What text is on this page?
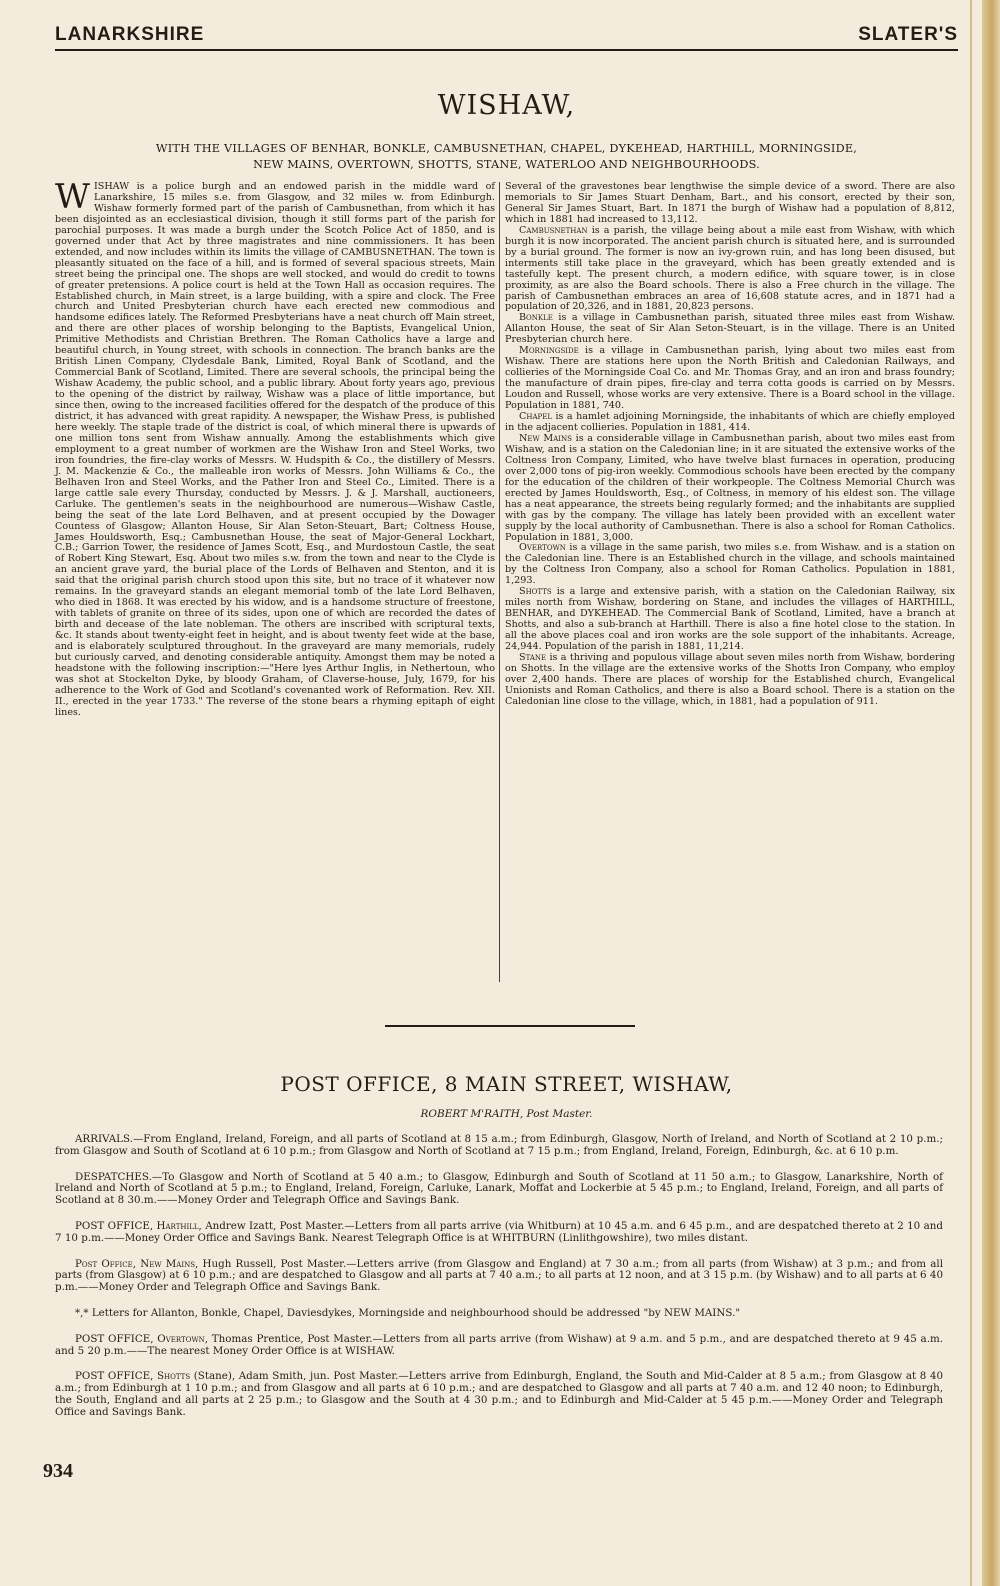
LANARKSHIRE	SLATER'S
WISHAW,
WITH THE VILLAGES OF BENHAR, BONKLE, CAMBUSNETHAN, CHAPEL, DYKEHEAD, HARTHILL, MORNINGSIDE,
NEW MAINS, OVERTOWN, SHOTTS, STANE, WATERLOO AND NEIGHBOURHOODS.
WISHAW is a police burgh and an endowed parish in the middle ward of Lanarkshire, 15 miles s.e. from Glasgow, and 32 miles w. from Edinburgh. Wishaw formerly formed part of the parish of Cambusnethan, from which it has been disjointed as an ecclesiastical division, though it still forms part of the parish for parochial purposes. It was made a burgh under the Scotch Police Act of 1850, and is governed under that Act by three magistrates and nine commissioners. It has been extended, and now includes within its limits the village of CAMBUSNETHAN. The town is pleasantly situated on the face of a hill, and is formed of several spacious streets, Main street being the principal one. The shops are well stocked, and would do credit to towns of greater pretensions. A police court is held at the Town Hall as occasion requires. The Established church, in Main street, is a large building, with a spire and clock. The Free church and United Presbyterian church have each erected new commodious and handsome edifices lately. The Reformed Presbyterians have a neat church off Main street, and there are other places of worship belonging to the Baptists, Evangelical Union, Primitive Methodists and Christian Brethren. The Roman Catholics have a large and beautiful church, in Young street, with schools in connection. The branch banks are the British Linen Company, Clydesdale Bank, Limited, Royal Bank of Scotland, and the Commercial Bank of Scotland, Limited. There are several schools, the principal being the Wishaw Academy, the public school, and a public library. About forty years ago, previous to the opening of the district by railway, Wishaw was a place of little importance, but since then, owing to the increased facilities offered for the despatch of the produce of this district, it has advanced with great rapidity. A newspaper, the Wishaw Press, is published here weekly. The staple trade of the district is coal, of which mineral there is upwards of one million tons sent from Wishaw annually. Among the establishments which give employment to a great number of workmen are the Wishaw Iron and Steel Works, two iron foundries, the fire-clay works of Messrs. W. Hudspith & Co., the distillery of Messrs. J. M. Mackenzie & Co., the malleable iron works of Messrs. John Williams & Co., the Belhaven Iron and Steel Works, and the Pather Iron and Steel Co., Limited. There is a large cattle sale every Thursday, conducted by Messrs. J. & J. Marshall, auctioneers, Carluke. The gentlemen's seats in the neighbourhood are numerous—Wishaw Castle, being the seat of the late Lord Belhaven, and at present occupied by the Dowager Countess of Glasgow; Allanton House, Sir Alan Seton-Steuart, Bart; Coltness House, James Houldsworth, Esq.; Cambusnethan House, the seat of Major-General Lockhart, C.B.; Garrion Tower, the residence of James Scott, Esq., and Murdostoun Castle, the seat of Robert King Stewart, Esq. About two miles s.w. from the town and near to the Clyde is an ancient grave yard, the burial place of the Lords of Belhaven and Stenton, and it is said that the original parish church stood upon this site, but no trace of it whatever now remains. In the graveyard stands an elegant memorial tomb of the late Lord Belhaven, who died in 1868. It was erected by his widow, and is a handsome structure of freestone, with tablets of granite on three of its sides, upon one of which are recorded the dates of birth and decease of the late nobleman. The others are inscribed with scriptural texts, &c. It stands about twenty-eight feet in height, and is about twenty feet wide at the base, and is elaborately sculptured throughout. In the graveyard are many memorials, rudely but curiously carved, and denoting considerable antiquity. Amongst them may be noted a headstone with the following inscription:—"Here lyes Arthur Inglis, in Nethertoun, who was shot at Stockelton Dyke, by bloody Graham, of Claverse-house, July, 1679, for his adherence to the Work of God and Scotland's covenanted work of Reformation. Rev. XII. II., erected in the year 1733." The reverse of the stone bears a rhyming epitaph of eight lines.

Several of the gravestones bear lengthwise the simple device of a sword. There are also memorials to Sir James Stuart Denham, Bart., and his consort, erected by their son, General Sir James Stuart, Bart. In 1871 the burgh of Wishaw had a population of 8,812, which in 1881 had increased to 13,112.

Cambusnethan is a parish, the village being about a mile east from Wishaw, with which burgh it is now incorporated. The ancient parish church is situated here, and is surrounded by a burial ground. The former is now an ivy-grown ruin, and has long been disused, but interments still take place in the graveyard, which has been greatly extended and is tastefully kept. The present church, a modern edifice, with square tower, is in close proximity, as are also the Board schools. There is also a Free church in the village. The parish of Cambusnethan embraces an area of 16,608 statute acres, and in 1871 had a population of 20,326, and in 1881, 20,823 persons.

Bonkle is a village in Cambusnethan parish, situated three miles east from Wishaw. Allanton House, the seat of Sir Alan Seton-Steuart, is in the village. There is an United Presbyterian church here.

Morningside is a village in Cambusnethan parish, lying about two miles east from Wishaw. There are stations here upon the North British and Caledonian Railways, and collieries of the Morningside Coal Co. and Mr. Thomas Gray, and an iron and brass foundry; the manufacture of drain pipes, fire-clay and terra cotta goods is carried on by Messrs. Loudon and Russell, whose works are very extensive. There is a Board school in the village. Population in 1881, 740.

Chapel is a hamlet adjoining Morningside, the inhabitants of which are chiefly employed in the adjacent collieries. Population in 1881, 414.

New Mains is a considerable village in Cambusnethan parish, about two miles east from Wishaw, and is a station on the Caledonian line; in it are situated the extensive works of the Coltness Iron Company, Limited, who have twelve blast furnaces in operation, producing over 2,000 tons of pig-iron weekly. Commodious schools have been erected by the company for the education of the children of their workpeople. The Coltness Memorial Church was erected by James Houldsworth, Esq., of Coltness, in memory of his eldest son. The village has a neat appearance, the streets being regularly formed; and the inhabitants are supplied with gas by the company. The village has lately been provided with an excellent water supply by the local authority of Cambusnethan. There is also a school for Roman Catholics. Population in 1881, 3,000.

Overtown is a village in the same parish, two miles s.e. from Wishaw. and is a station on the Caledonian line. There is an Established church in the village, and schools maintained by the Coltness Iron Company, also a school for Roman Catholics. Population in 1881, 1,293.

Shotts is a large and extensive parish, with a station on the Caledonian Railway, six miles north from Wishaw, bordering on Stane, and includes the villages of HARTHILL, BENHAR, and DYKEHEAD. The Commercial Bank of Scotland, Limited, have a branch at Shotts, and also a sub-branch at Harthill. There is also a fine hotel close to the station. In all the above places coal and iron works are the sole support of the inhabitants. Acreage, 24,944. Population of the parish in 1881, 11,214.

Stane is a thriving and populous village about seven miles north from Wishaw, bordering on Shotts. In the village are the extensive works of the Shotts Iron Company, who employ over 2,400 hands. There are places of worship for the Established church, Evangelical Unionists and Roman Catholics, and there is also a Board school. There is a station on the Caledonian line close to the village, which, in 1881, had a population of 911.

POST OFFICE, 8 MAIN STREET, WISHAW,
ROBERT M'RAITH, Post Master.

ARRIVALS.—From England, Ireland, Foreign, and all parts of Scotland at 8 15 a.m.; from Edinburgh, Glasgow, North of Ireland, and North of Scotland at 2 10 p.m.; from Glasgow and South of Scotland at 6 10 p.m.; from Glasgow and North of Scotland at 7 15 p.m.; from England, Ireland, Foreign, Edinburgh, &c. at 6 10 p.m.

DESPATCHES.—To Glasgow and North of Scotland at 5 40 a.m.; to Glasgow, Edinburgh and South of Scotland at 11 50 a.m.; to Glasgow, Lanarkshire, North of Ireland and North of Scotland at 5 p.m.; to England, Ireland, Foreign, Carluke, Lanark, Moffat and Lockerbie at 5 45 p.m.; to England, Ireland, Foreign, and all parts of Scotland at 8 30.m.——Money Order and Telegraph Office and Savings Bank.

POST OFFICE, Harthill, Andrew Izatt, Post Master.—Letters from all parts arrive (via Whitburn) at 10 45 a.m. and 6 45 p.m., and are despatched thereto at 2 10 and 7 10 p.m.——Money Order Office and Savings Bank. Nearest Telegraph Office is at WHITBURN (Linlithgowshire), two miles distant.

Post Office, New Mains, Hugh Russell, Post Master.—Letters arrive (from Glasgow and England) at 7 30 a.m.; from all parts (from Wishaw) at 3 p.m.; and from all parts (from Glasgow) at 6 10 p.m.; and are despatched to Glasgow and all parts at 7 40 a.m.; to all parts at 12 noon, and at 3 15 p.m. (by Wishaw) and to all parts at 6 40 p.m.——Money Order and Telegraph Office and Savings Bank.

*,* Letters for Allanton, Bonkle, Chapel, Daviesdykes, Morningside and neighbourhood should be addressed "by NEW MAINS."

POST OFFICE, Overtown, Thomas Prentice, Post Master.—Letters from all parts arrive (from Wishaw) at 9 a.m. and 5 p.m., and are despatched thereto at 9 45 a.m. and 5 20 p.m.——The nearest Money Order Office is at WISHAW.

POST OFFICE, Shotts (Stane), Adam Smith, jun. Post Master.—Letters arrive from Edinburgh, England, the South and Mid-Calder at 8 5 a.m.; from Glasgow at 8 40 a.m.; from Edinburgh at 1 10 p.m.; and from Glasgow and all parts at 6 10 p.m.; and are despatched to Glasgow and all parts at 7 40 a.m. and 12 40 noon; to Edinburgh, the South, England and all parts at 2 25 p.m.; to Glasgow and the South at 4 30 p.m.; and to Edinburgh and Mid-Calder at 5 45 p.m.——Money Order and Telegraph Office and Savings Bank.

934
